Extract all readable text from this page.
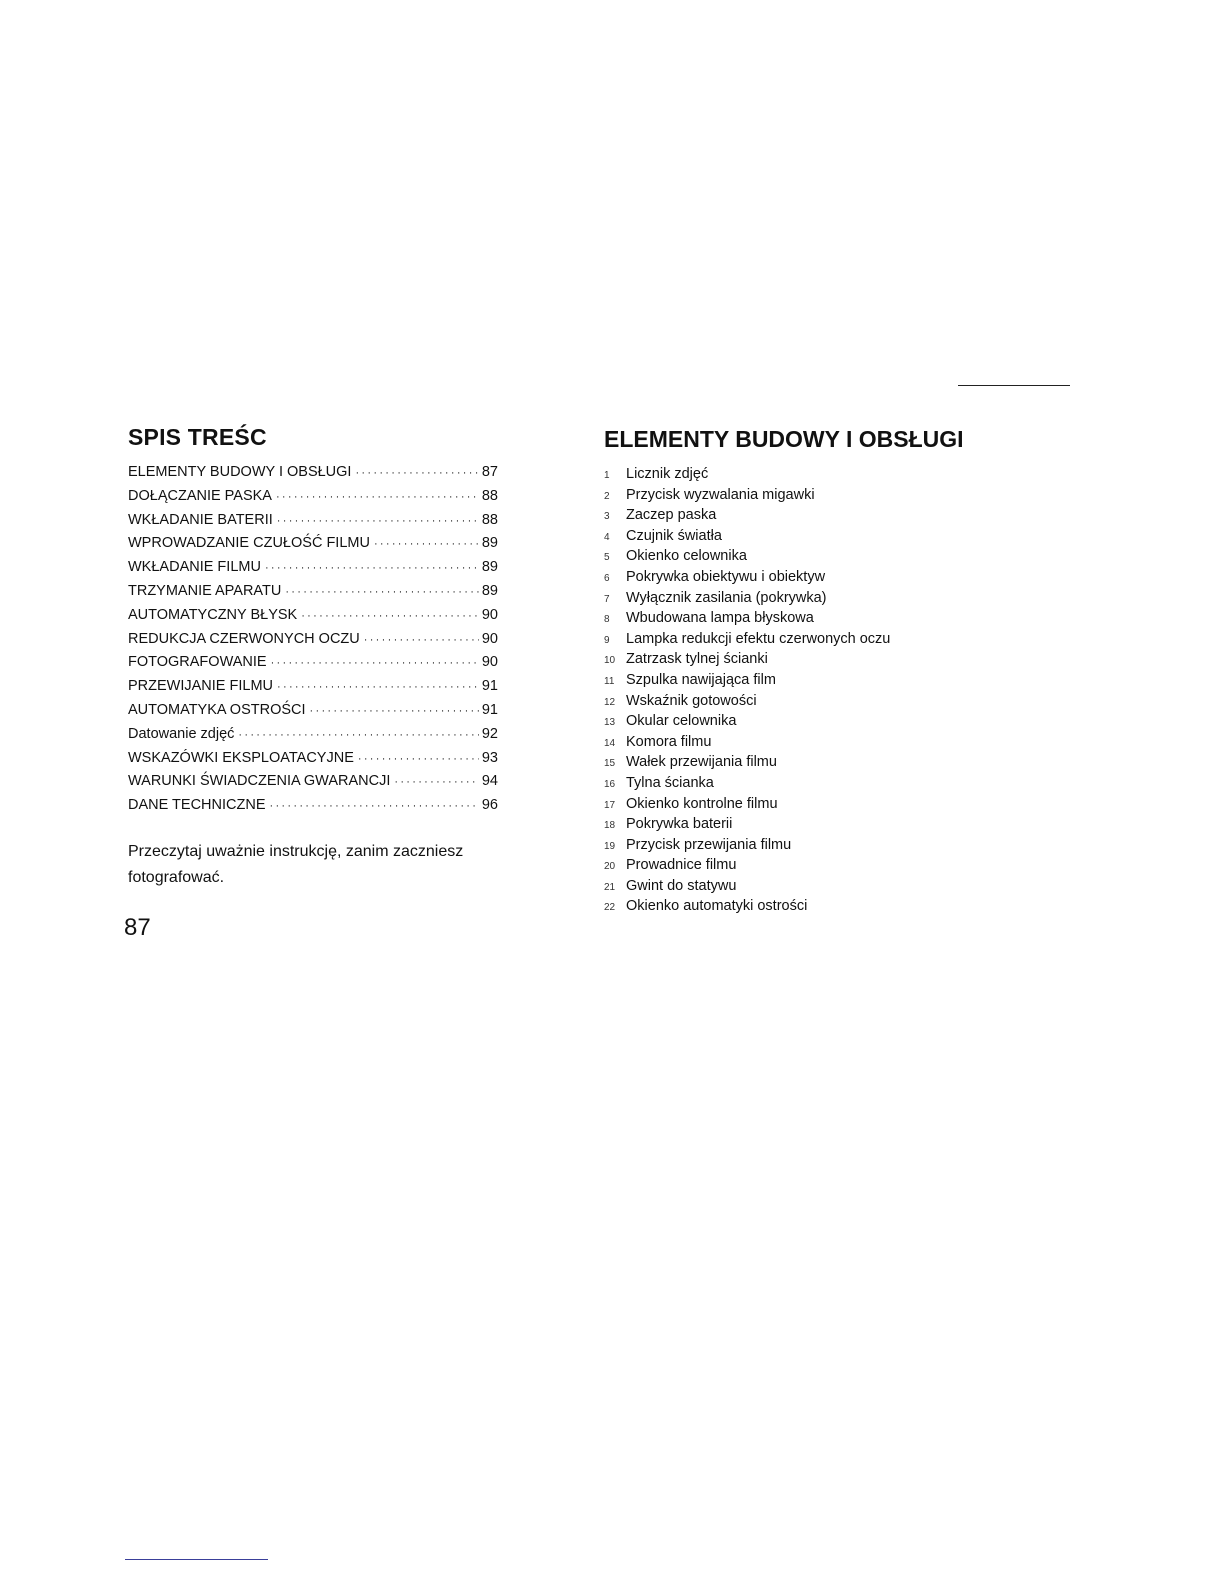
SPIS TREŚC
ELEMENTY BUDOWY I OBSŁUGI ·····	87
DOŁĄCZANIE PASKA ·····	88
WKŁADANIE BATERII ·····	88
WPROWADZANIE CZUŁOŚĆ FILMU ·····	89
WKŁADANIE FILMU ·····	89
TRZYMANIE APARATU ·····	89
AUTOMATYCZNY BŁYSK ·····	90
REDUKCJA CZERWONYCH OCZU ·····	90
FOTOGRAFOWANIE ·····	90
PRZEWIJANIE FILMU ·····	91
AUTOMATYKA OSTROŚCI ·····	91
Datowanie zdjęć ·····	92
WSKAZÓWKI EKSPLOATACYJNE ·····	93
WARUNKI ŚWIADCZENIA GWARANCJI ·····	94
DANE TECHNICZNE ·····	96

Przeczytaj uważnie instrukcję, zanim zaczniesz fotografować.

87
ELEMENTY BUDOWY I OBSŁUGI
1	Licznik zdjęć
2	Przycisk wyzwalania migawki
3	Zaczep paska
4	Czujnik światła
5	Okienko celownika
6	Pokrywka obiektywu i obiektyw
7	Wyłącznik zasilania (pokrywka)
8	Wbudowana lampa błyskowa
9	Lampka redukcji efektu czerwonych oczu
10 Zatrzask tylnej ścianki
11 Szpulka nawijająca film
12 Wskaźnik gotowości
13 Okular celownika
14 Komora filmu
15 Wałek przewijania filmu
16 Tylna ścianka
17 Okienko kontrolne filmu
18 Pokrywka baterii
19 Przycisk przewijania filmu
20 Prowadnice filmu
21 Gwint do statywu
22 Okienko automatyki ostrości
